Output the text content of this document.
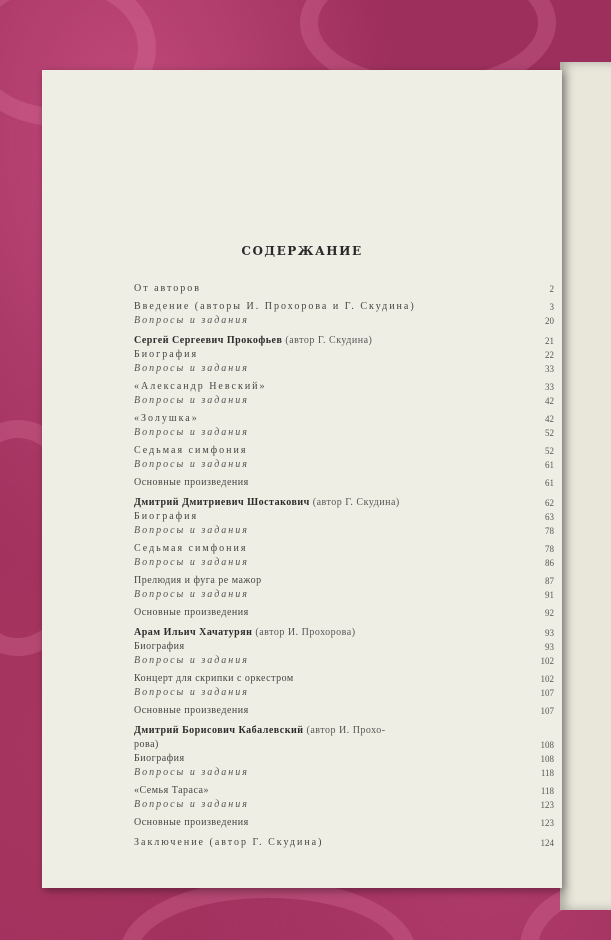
СОДЕРЖАНИЕ
От авторов	2
Введение (авторы И. Прохорова и Г. Скудина)	3
Вопросы и задания	20
Сергей Сергеевич Прокофьев (автор Г. Скудина)	21
Биография	22
Вопросы и задания	33
«Александр Невский»	33
Вопросы и задания	42
«Золушка»	42
Вопросы и задания	52
Седьмая симфония	52
Вопросы и задания	61
Основные произведения	61
Дмитрий Дмитриевич Шостакович (автор Г. Скудина)	62
Биография	63
Вопросы и задания	78
Седьмая симфония	78
Вопросы и задания	86
Прелюдия и фуга ре мажор	87
Вопросы и задания	91
Основные произведения	92
Арам Ильич Хачатурян (автор И. Прохорова)	93
Биография	93
Вопросы и задания	102
Концерт для скрипки с оркестром	102
Вопросы и задания	107
Основные произведения	107
Дмитрий Борисович Кабалевский (автор И. Прохо-
рова)	108
Биография	108
Вопросы и задания	118
«Семья Тараса»	118
Вопросы и задания	123
Основные произведения	123
Заключение (автор Г. Скудина)	124
